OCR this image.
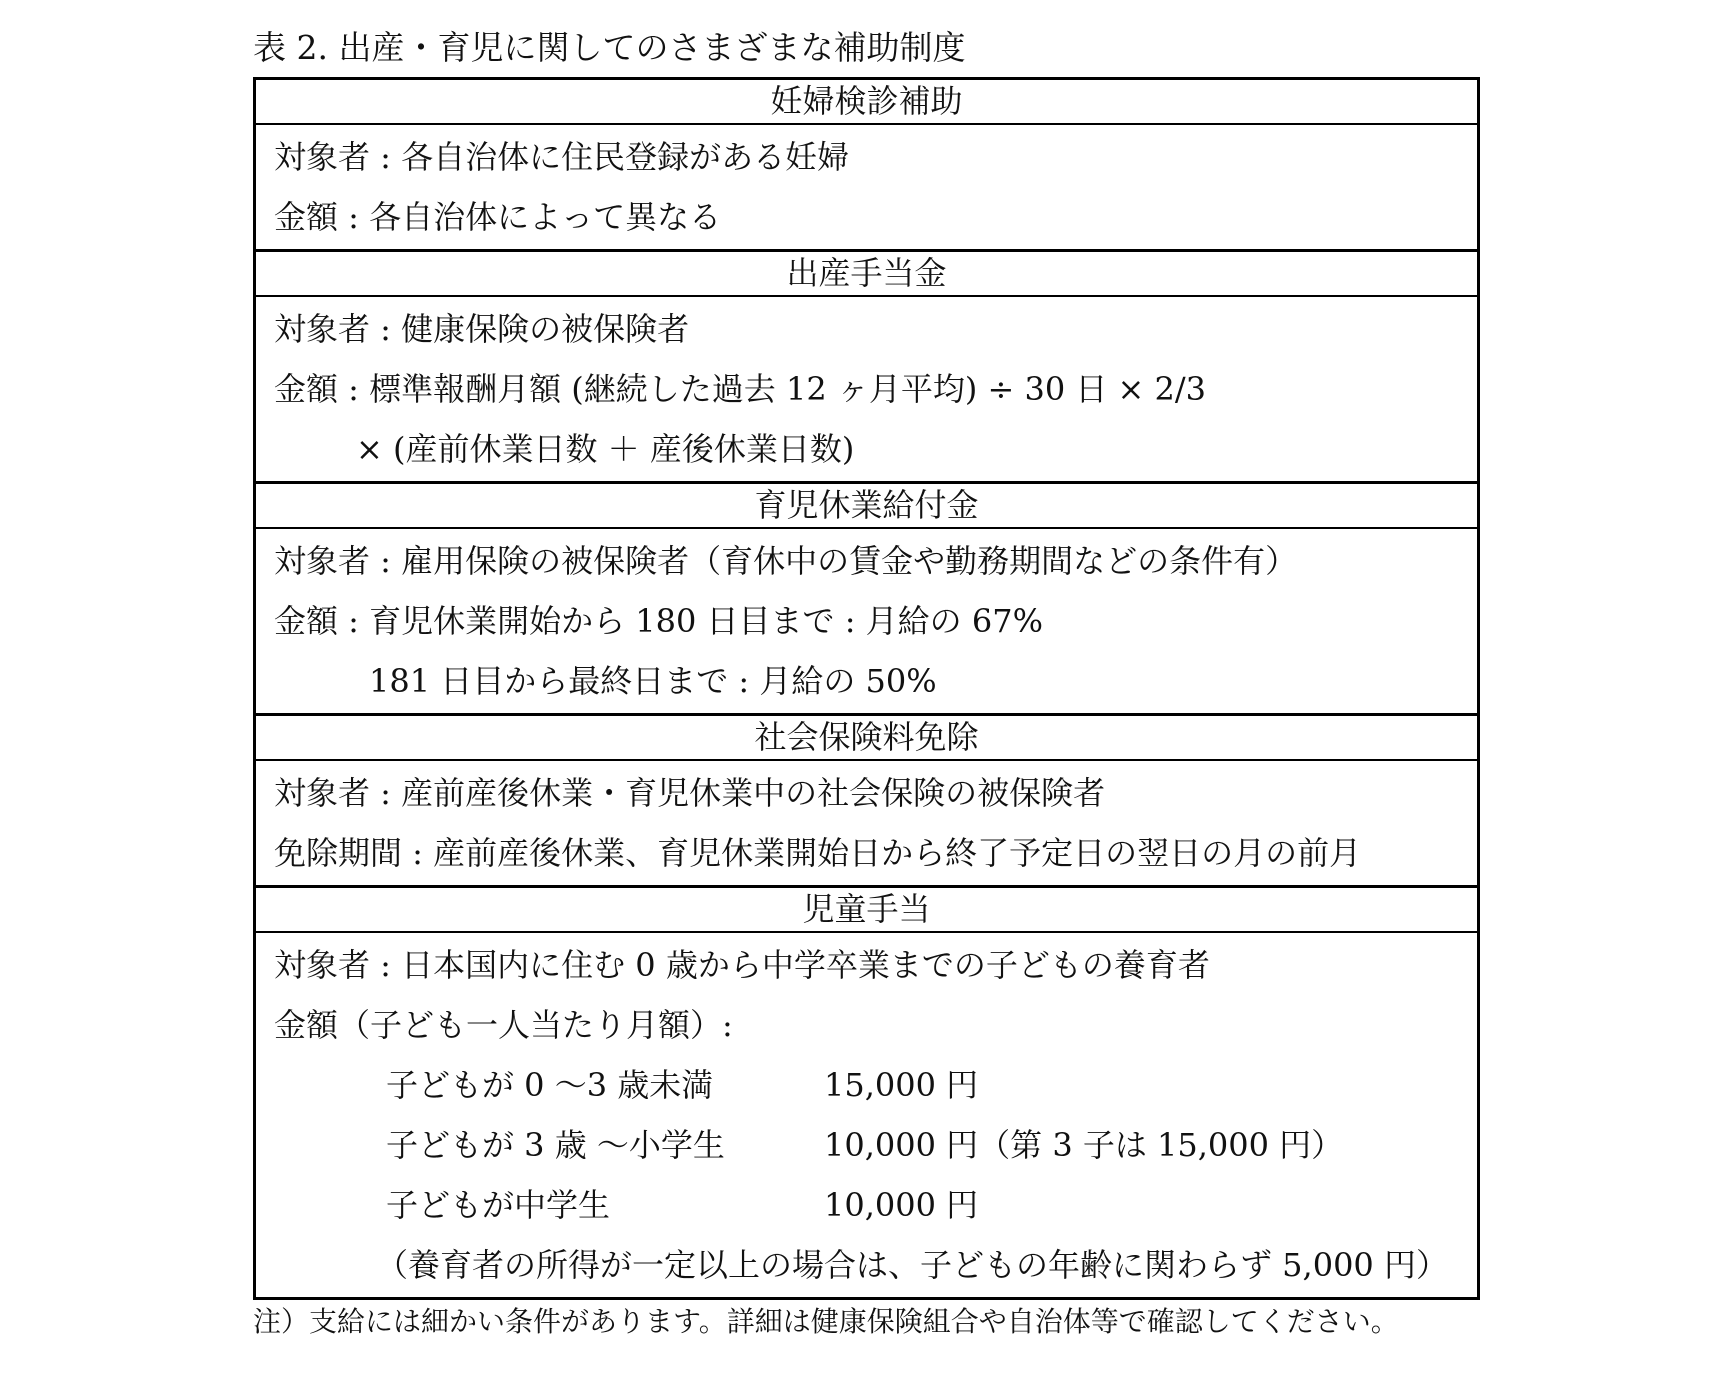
表 2. 出産・育児に関してのさまざまな補助制度
妊婦検診補助
対象者 : 各自治体に住民登録がある妊婦
金額 : 各自治体によって異なる
出産手当金
対象者 : 健康保険の被保険者
金額 : 標準報酬月額 (継続した過去 12 ヶ月平均) ÷ 30 日 × 2/3
× (産前休業日数 ＋ 産後休業日数)
育児休業給付金
対象者 : 雇用保険の被保険者（育休中の賃金や勤務期間などの条件有）
金額 : 育児休業開始から 180 日目まで : 月給の 67%
181 日目から最終日まで : 月給の 50%
社会保険料免除
対象者 : 産前産後休業・育児休業中の社会保険の被保険者
免除期間 : 産前産後休業、育児休業開始日から終了予定日の翌日の月の前月
児童手当
対象者 : 日本国内に住む 0 歳から中学卒業までの子どもの養育者
金額（子ども一人当たり月額）:
子どもが 0 ～3 歳未満	15,000 円
子どもが 3 歳 ～小学生	10,000 円（第 3 子は 15,000 円）
子どもが中学生	10,000 円
（養育者の所得が一定以上の場合は、子どもの年齢に関わらず 5,000 円）
注）支給には細かい条件があります。詳細は健康保険組合や自治体等で確認してください。
